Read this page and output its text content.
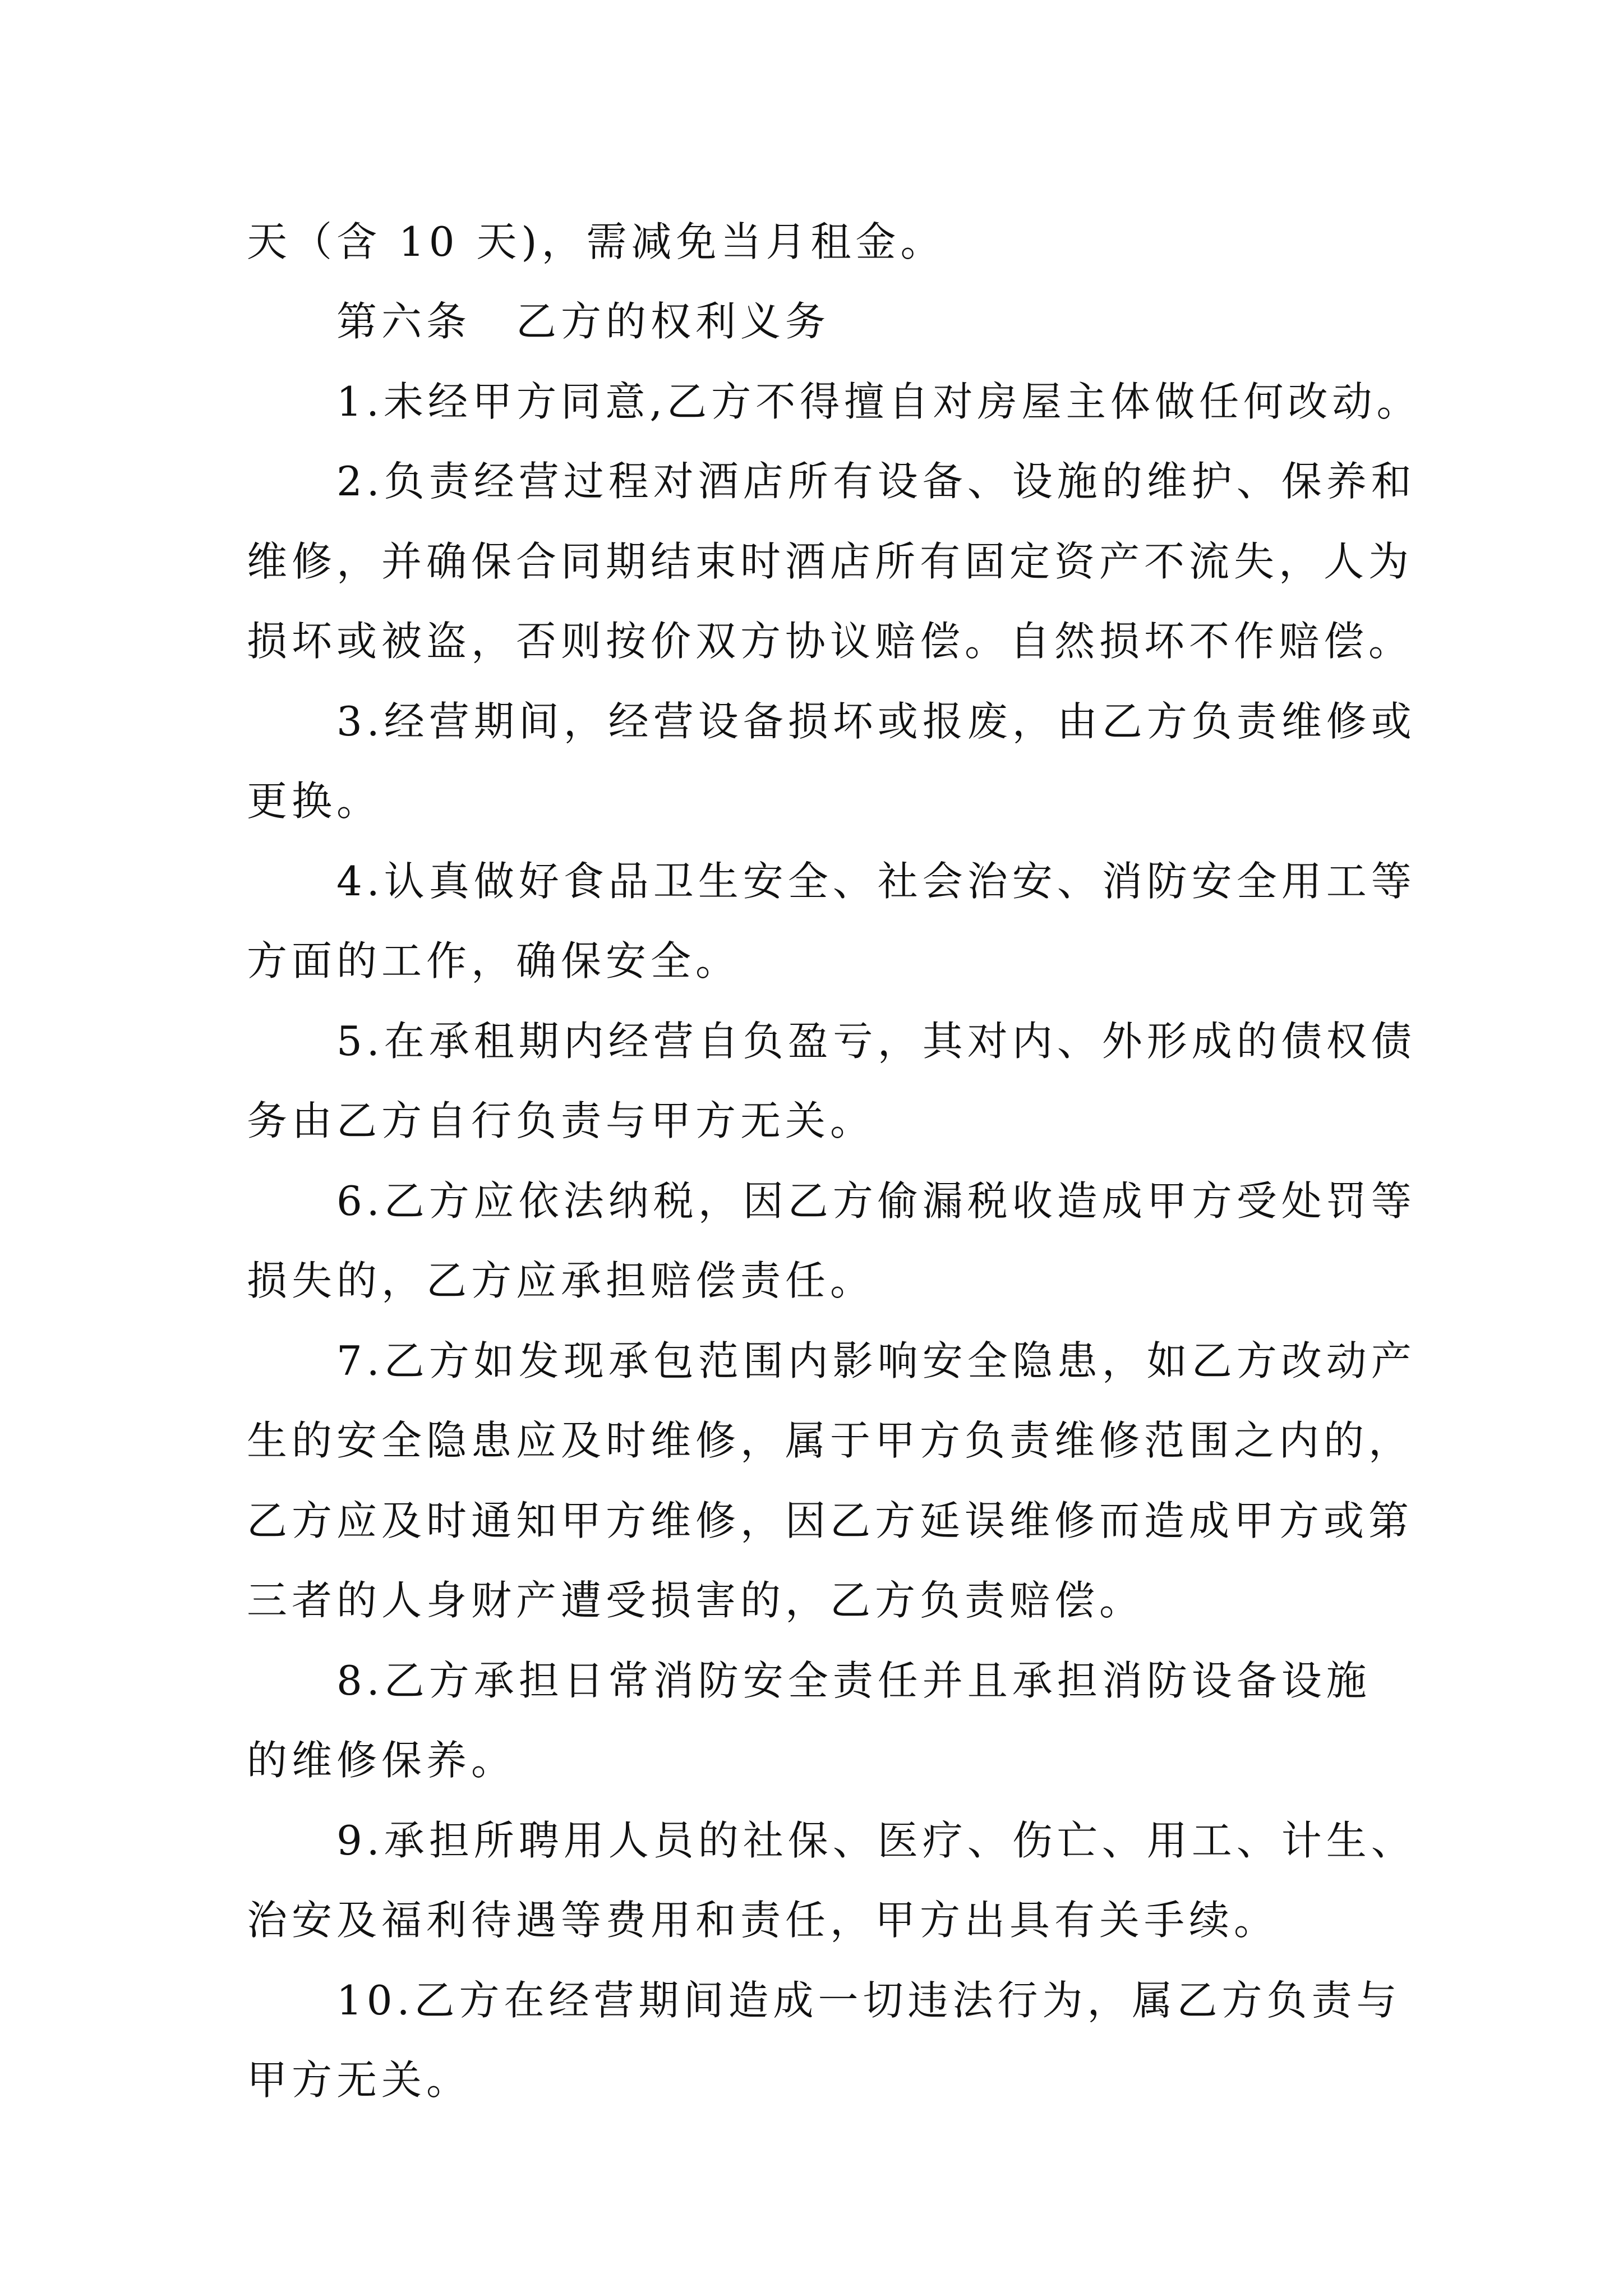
天（含 10 天)，需减免当月租金。
第六条　乙方的权利义务
1.未经甲方同意,乙方不得擅自对房屋主体做任何改动。
2.负责经营过程对酒店所有设备、设施的维护、保养和
维修，并确保合同期结束时酒店所有固定资产不流失，人为
损坏或被盗，否则按价双方协议赔偿。自然损坏不作赔偿。
3.经营期间，经营设备损坏或报废，由乙方负责维修或
更换。
4.认真做好食品卫生安全、社会治安、消防安全用工等
方面的工作，确保安全。
5.在承租期内经营自负盈亏，其对内、外形成的债权债
务由乙方自行负责与甲方无关。
6.乙方应依法纳税，因乙方偷漏税收造成甲方受处罚等
损失的，乙方应承担赔偿责任。
7.乙方如发现承包范围内影响安全隐患，如乙方改动产
生的安全隐患应及时维修，属于甲方负责维修范围之内的，
乙方应及时通知甲方维修，因乙方延误维修而造成甲方或第
三者的人身财产遭受损害的，乙方负责赔偿。
8.乙方承担日常消防安全责任并且承担消防设备设施
的维修保养。
9.承担所聘用人员的社保、医疗、伤亡、用工、计生、
治安及福利待遇等费用和责任，甲方出具有关手续。
10.乙方在经营期间造成一切违法行为，属乙方负责与
甲方无关。
